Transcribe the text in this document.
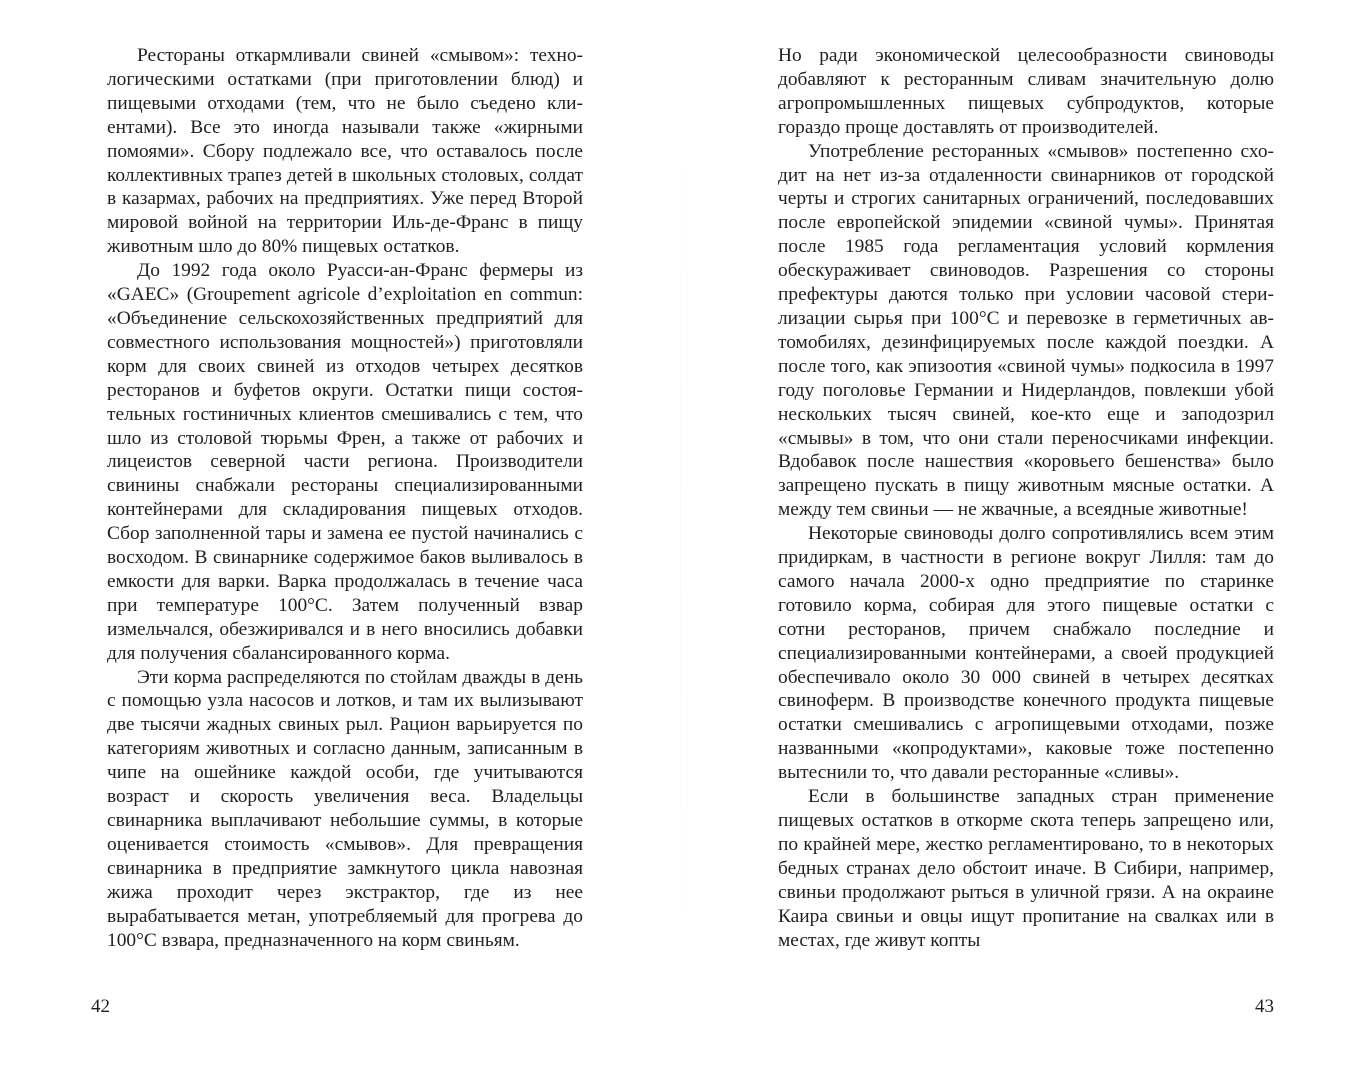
Рестораны откармливали свиней «смывом»: технологическими остатками (при приготовлении блюд) и пищевыми отходами (тем, что не было съедено клиентами). Все это иногда называли также «жирными помоями». Сбору подлежало все, что оставалось после коллективных трапез детей в школьных столовых, солдат в казармах, рабочих на предприятиях. Уже перед Второй мировой войной на территории Иль-де-Франс в пищу животным шло до 80% пищевых остатков.

До 1992 года около Руасси-ан-Франс фермеры из «GAEC» (Groupement agricole d’exploitation en commun: «Объединение сельскохозяйственных предприятий для совместного использования мощностей») приготовляли корм для своих свиней из отходов четырех десятков ресторанов и буфетов округи. Остатки пищи состоятельных гостиничных клиентов смешивались с тем, что шло из столовой тюрьмы Френ, а также от рабочих и лицеистов северной части региона. Производители свинины снабжали рестораны специализированными контейнерами для складирования пищевых отходов. Сбор заполненной тары и замена ее пустой начинались с восходом. В свинарнике содержимое баков выливалось в емкости для варки. Варка продолжалась в течение часа при температуре 100°С. Затем полученный взвар измельчался, обезжиривался и в него вносились добавки для получения сбалансированного корма.

Эти корма распределяются по стойлам дважды в день с помощью узла насосов и лотков, и там их вылизывают две тысячи жадных свиных рыл. Рацион варьируется по категориям животных и согласно данным, записанным в чипе на ошейнике каждой особи, где учитываются возраст и скорость увеличения веса. Владельцы свинарника выплачивают небольшие суммы, в которые оценивается стоимость «смывов». Для превращения свинарника в предприятие замкнутого цикла навозная жижа проходит через экстрактор, где из нее вырабатывается метан, употребляемый для прогрева до 100°С взвара, предназначенного на корм свиньям.

42

Но ради экономической целесообразности свиноводы добавляют к ресторанным сливам значительную долю агропромышленных пищевых субпродуктов, которые гораздо проще доставлять от производителей.

Употребление ресторанных «смывов» постепенно сходит на нет из-за отдаленности свинарников от городской черты и строгих санитарных ограничений, последовавших после европейской эпидемии «свиной чумы». Принятая после 1985 года регламентация условий кормления обескураживает свиноводов. Разрешения со стороны префектуры даются только при условии часовой стерилизации сырья при 100°С и перевозке в герметичных автомобилях, дезинфицируемых после каждой поездки. А после того, как эпизоотия «свиной чумы» подкосила в 1997 году поголовье Германии и Нидерландов, повлекши убой нескольких тысяч свиней, кое-кто еще и заподозрил «смывы» в том, что они стали переносчиками инфекции. Вдобавок после нашествия «коровьего бешенства» было запрещено пускать в пищу животным мясные остатки. А между тем свиньи — не жвачные, а всеядные животные!

Некоторые свиноводы долго сопротивлялись всем этим придиркам, в частности в регионе вокруг Лилля: там до самого начала 2000-х одно предприятие по старинке готовило корма, собирая для этого пищевые остатки с сотни ресторанов, причем снабжало последние и специализированными контейнерами, а своей продукцией обеспечивало около 30 000 свиней в четырех десятках свиноферм. В производстве конечного продукта пищевые остатки смешивались с агропищевыми отходами, позже названными «копродуктами», каковые тоже постепенно вытеснили то, что давали ресторанные «сливы».

Если в большинстве западных стран применение пищевых остатков в откорме скота теперь запрещено или, по крайней мере, жестко регламентировано, то в некоторых бедных странах дело обстоит иначе. В Сибири, например, свиньи продолжают рыться в уличной грязи. А на окраине Каира свиньи и овцы ищут пропитание на свалках или в местах, где живут копты

43
